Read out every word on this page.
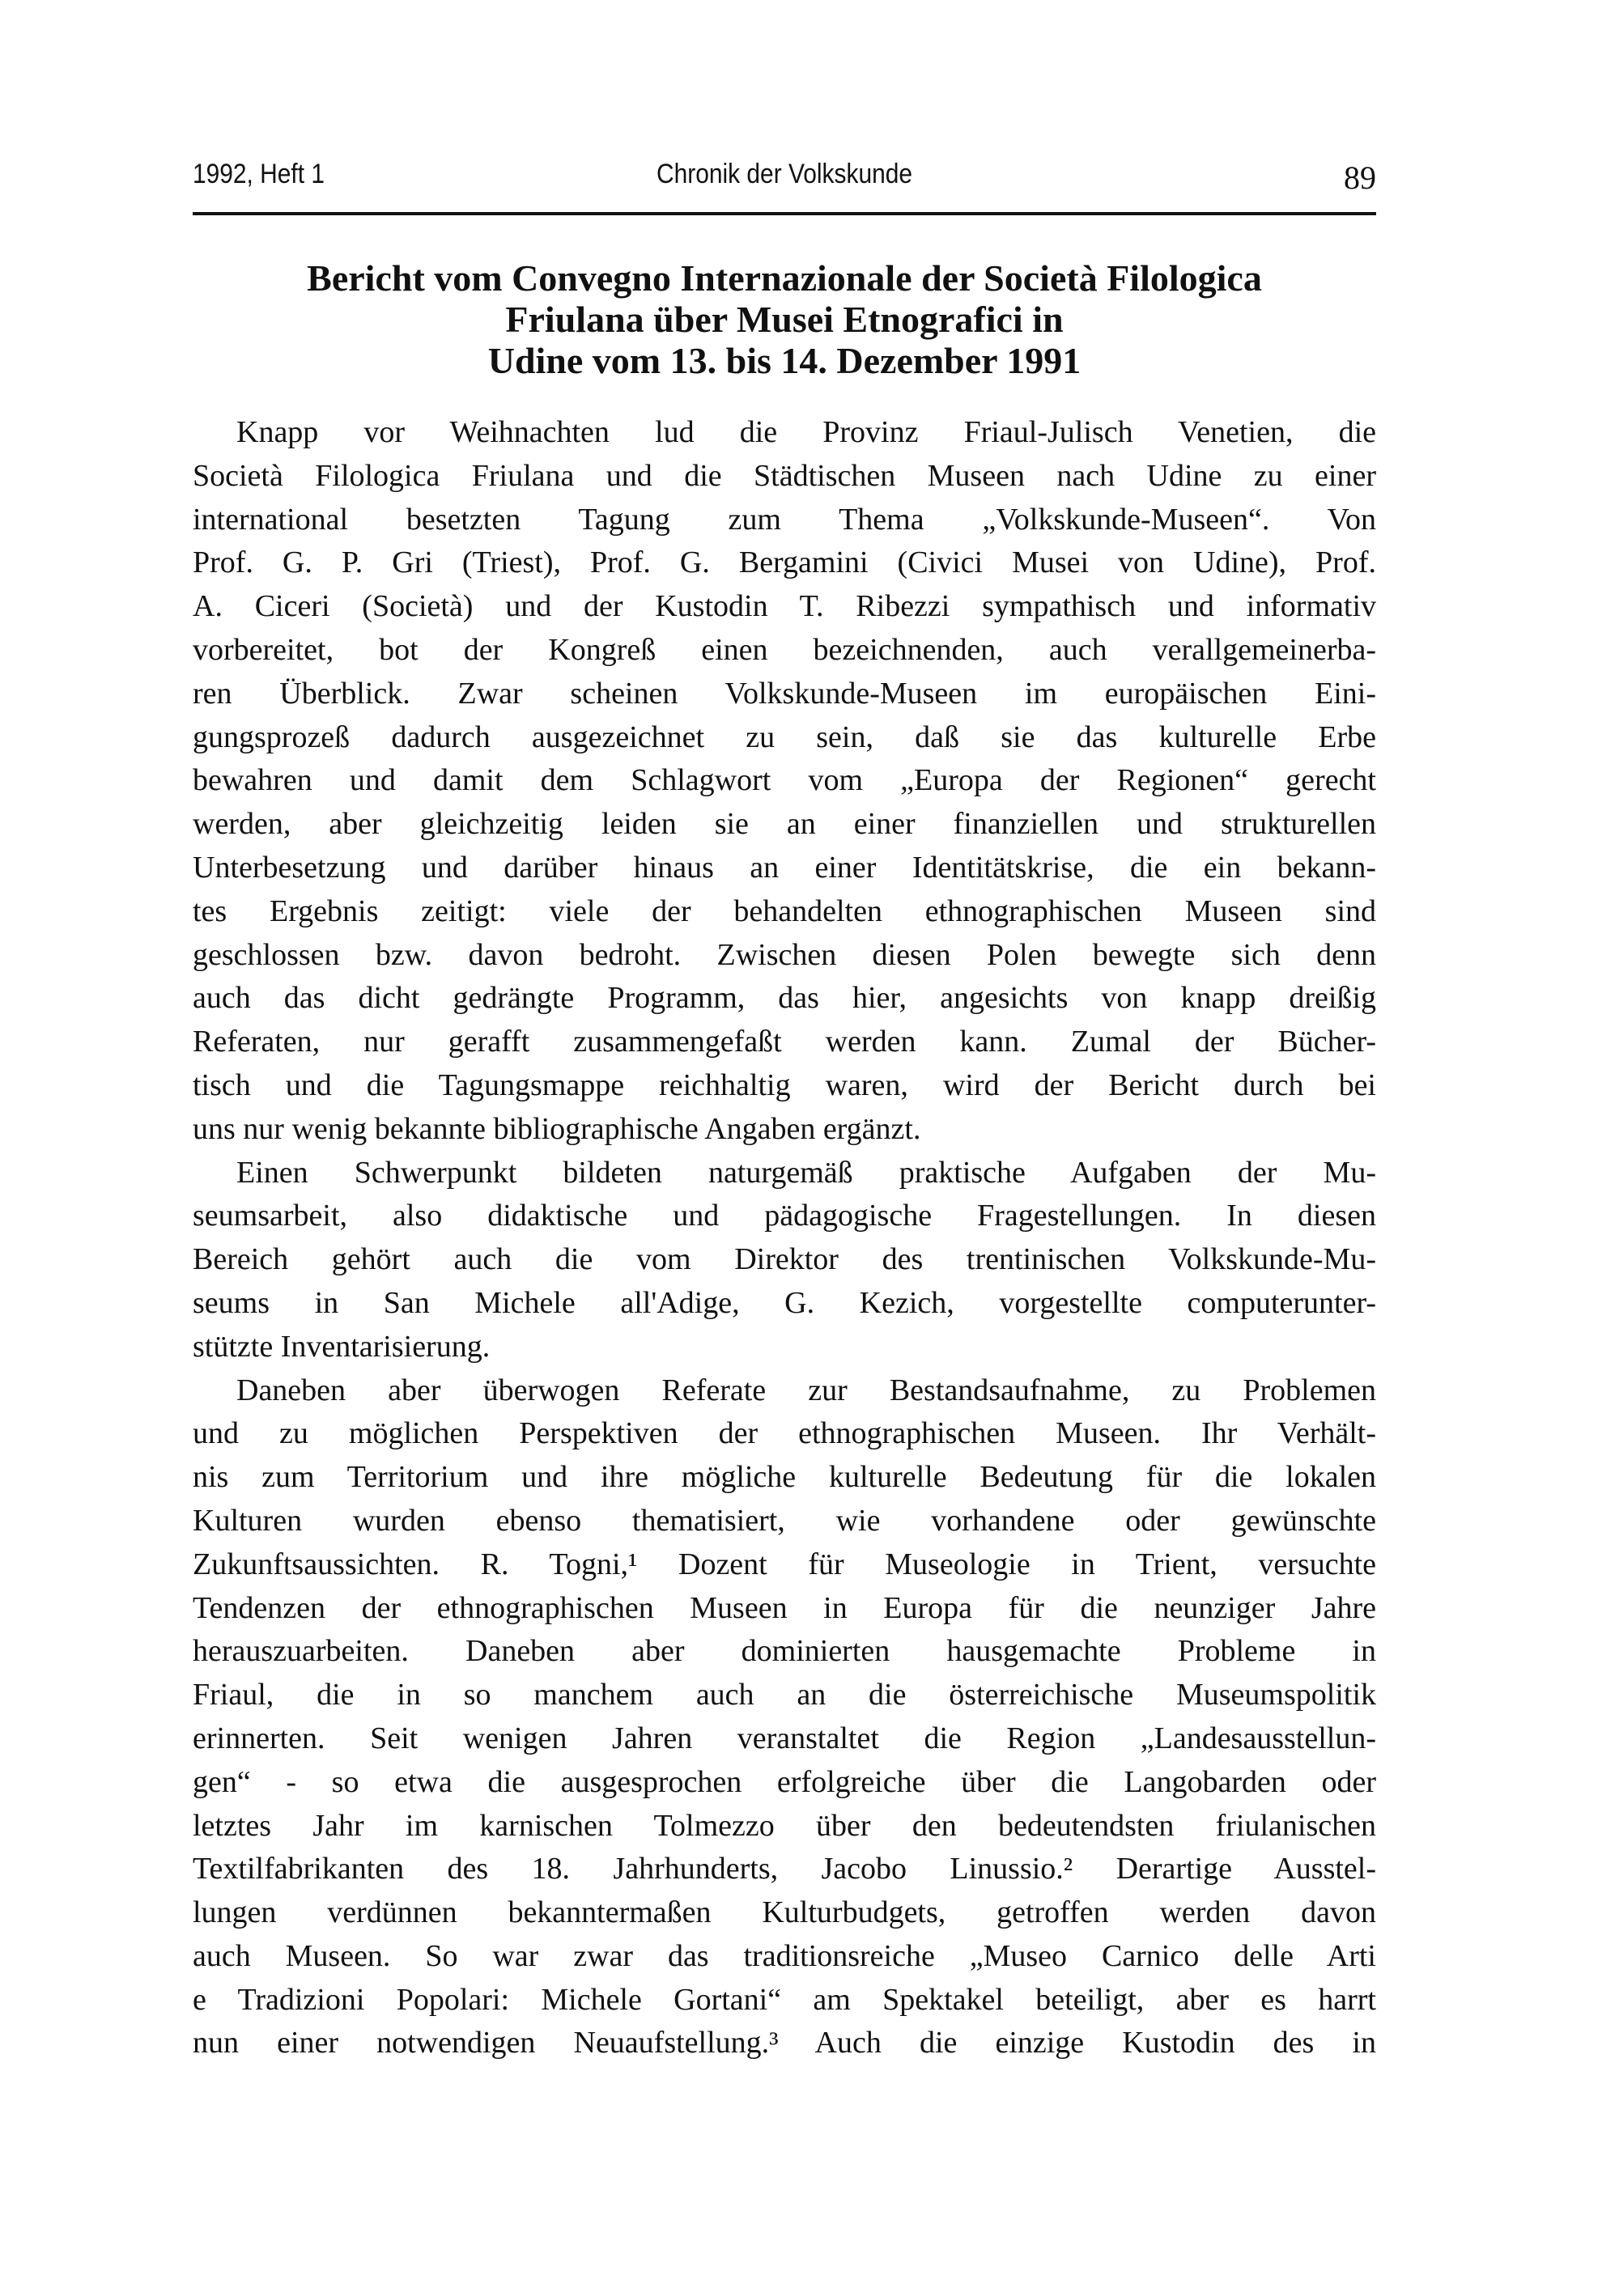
1992, Heft 1	Chronik der Volkskunde	89
Bericht vom Convegno Internazionale der Società Filologica
Friulana über Musei Etnografici in
Udine vom 13. bis 14. Dezember 1991
Knapp vor Weihnachten lud die Provinz Friaul-Julisch Venetien, die
Società Filologica Friulana und die Städtischen Museen nach Udine zu einer
international besetzten Tagung zum Thema „Volkskunde-Museen“. Von
Prof. G. P. Gri (Triest), Prof. G. Bergamini (Civici Musei von Udine), Prof.
A. Ciceri (Società) und der Kustodin T. Ribezzi sympathisch und informativ
vorbereitet, bot der Kongreß einen bezeichnenden, auch verallgemeinerba-
ren Überblick. Zwar scheinen Volkskunde-Museen im europäischen Eini-
gungsprozeß dadurch ausgezeichnet zu sein, daß sie das kulturelle Erbe
bewahren und damit dem Schlagwort vom „Europa der Regionen“ gerecht
werden, aber gleichzeitig leiden sie an einer finanziellen und strukturellen
Unterbesetzung und darüber hinaus an einer Identitätskrise, die ein bekann-
tes Ergebnis zeitigt: viele der behandelten ethnographischen Museen sind
geschlossen bzw. davon bedroht. Zwischen diesen Polen bewegte sich denn
auch das dicht gedrängte Programm, das hier, angesichts von knapp dreißig
Referaten, nur gerafft zusammengefaßt werden kann. Zumal der Bücher-
tisch und die Tagungsmappe reichhaltig waren, wird der Bericht durch bei
uns nur wenig bekannte bibliographische Angaben ergänzt.
Einen Schwerpunkt bildeten naturgemäß praktische Aufgaben der Mu-
seumsarbeit, also didaktische und pädagogische Fragestellungen. In diesen
Bereich gehört auch die vom Direktor des trentinischen Volkskunde-Mu-
seums in San Michele all'Adige, G. Kezich, vorgestellte computerunter-
stützte Inventarisierung.
Daneben aber überwogen Referate zur Bestandsaufnahme, zu Problemen
und zu möglichen Perspektiven der ethnographischen Museen. Ihr Verhält-
nis zum Territorium und ihre mögliche kulturelle Bedeutung für die lokalen
Kulturen wurden ebenso thematisiert, wie vorhandene oder gewünschte
Zukunftsaussichten. R. Togni,¹ Dozent für Museologie in Trient, versuchte
Tendenzen der ethnographischen Museen in Europa für die neunziger Jahre
herauszuarbeiten. Daneben aber dominierten hausgemachte Probleme in
Friaul, die in so manchem auch an die österreichische Museumspolitik
erinnerten. Seit wenigen Jahren veranstaltet die Region „Landesausstellun-
gen“ - so etwa die ausgesprochen erfolgreiche über die Langobarden oder
letztes Jahr im karnischen Tolmezzo über den bedeutendsten friulanischen
Textilfabrikanten des 18. Jahrhunderts, Jacobo Linussio.² Derartige Ausstel-
lungen verdünnen bekanntermaßen Kulturbudgets, getroffen werden davon
auch Museen. So war zwar das traditionsreiche „Museo Carnico delle Arti
e Tradizioni Popolari: Michele Gortani“ am Spektakel beteiligt, aber es harrt
nun einer notwendigen Neuaufstellung.³ Auch die einzige Kustodin des in
